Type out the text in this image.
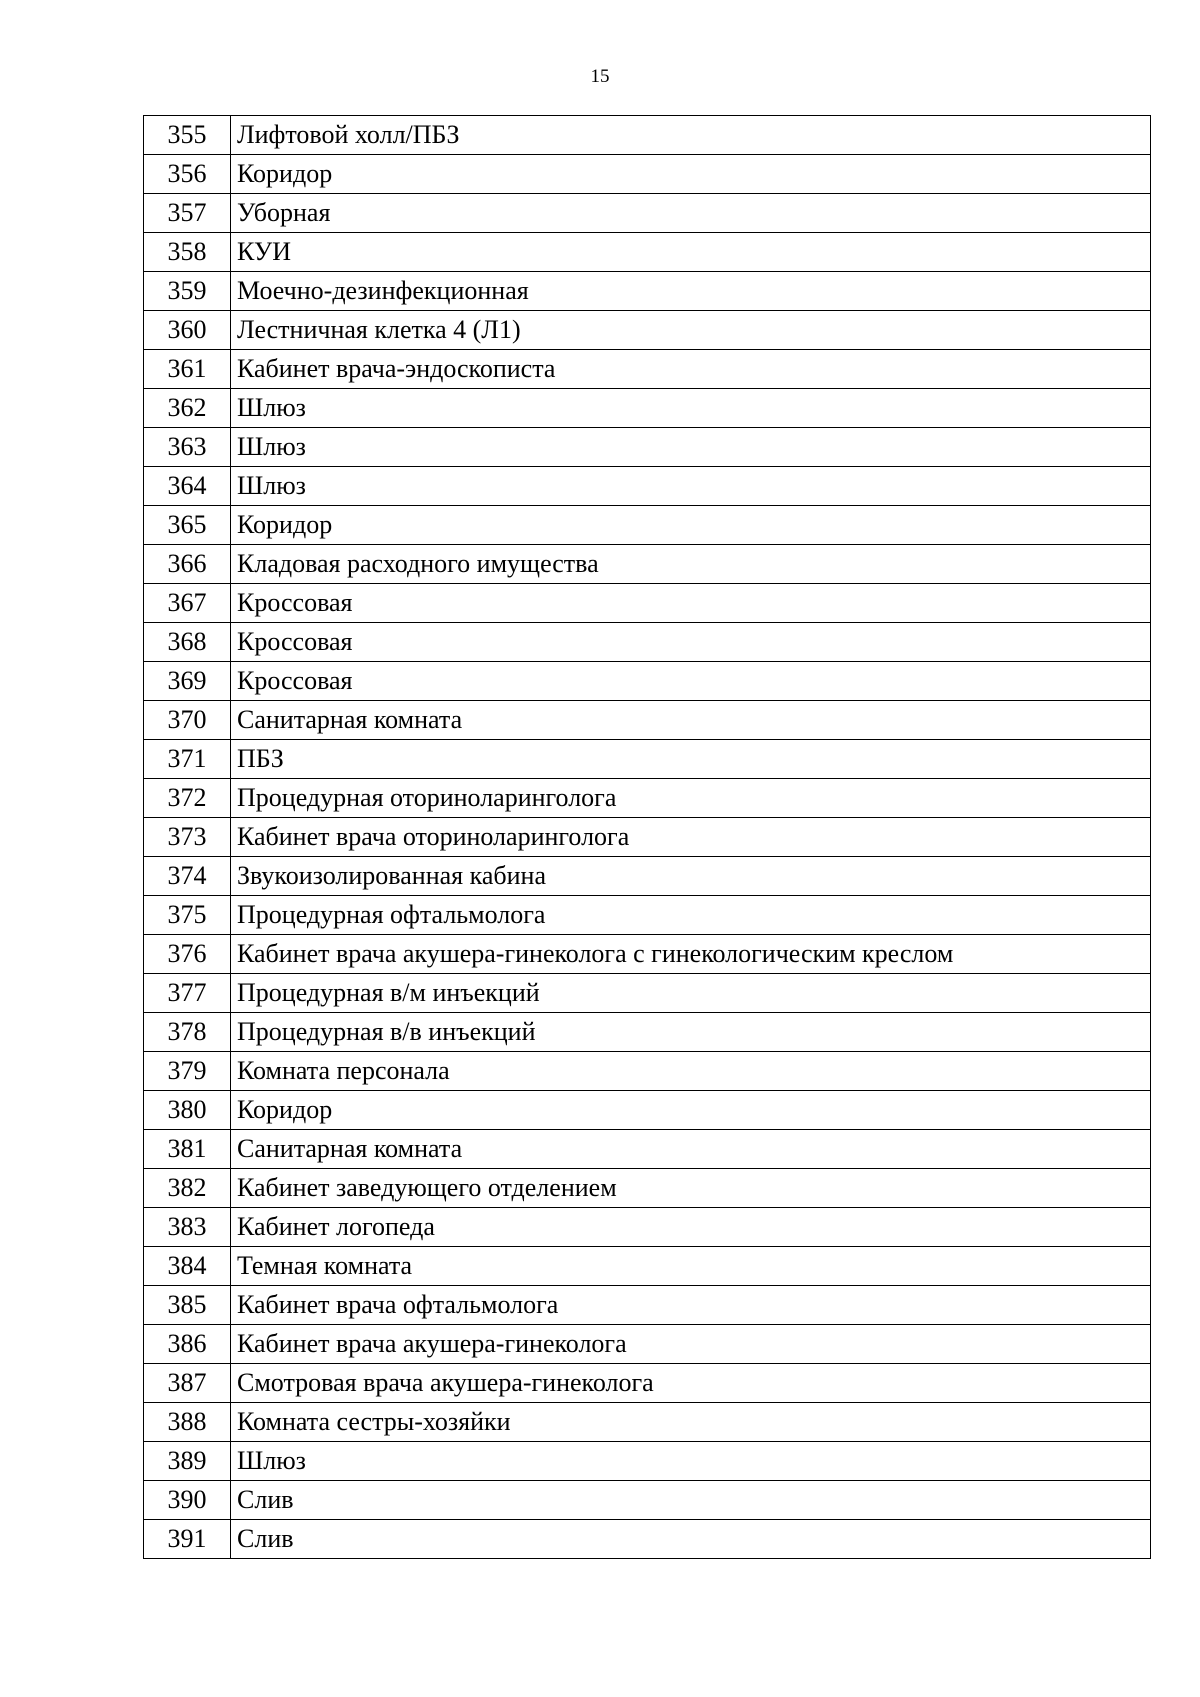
15
355	Лифтовой холл/ПБЗ
356	Коридор
357	Уборная
358	КУИ
359	Моечно-дезинфекционная
360	Лестничная клетка 4 (Л1)
361	Кабинет врача-эндоскописта
362	Шлюз
363	Шлюз
364	Шлюз
365	Коридор
366	Кладовая расходного имущества
367	Кроссовая
368	Кроссовая
369	Кроссовая
370	Санитарная комната
371	ПБЗ
372	Процедурная оториноларинголога
373	Кабинет врача оториноларинголога
374	Звукоизолированная кабина
375	Процедурная офтальмолога
376	Кабинет врача акушера-гинеколога с гинекологическим креслом
377	Процедурная в/м инъекций
378	Процедурная в/в инъекций
379	Комната персонала
380	Коридор
381	Санитарная комната
382	Кабинет заведующего отделением
383	Кабинет логопеда
384	Темная комната
385	Кабинет врача офтальмолога
386	Кабинет врача акушера-гинеколога
387	Смотровая врача акушера-гинеколога
388	Комната сестры-хозяйки
389	Шлюз
390	Слив
391	Слив
